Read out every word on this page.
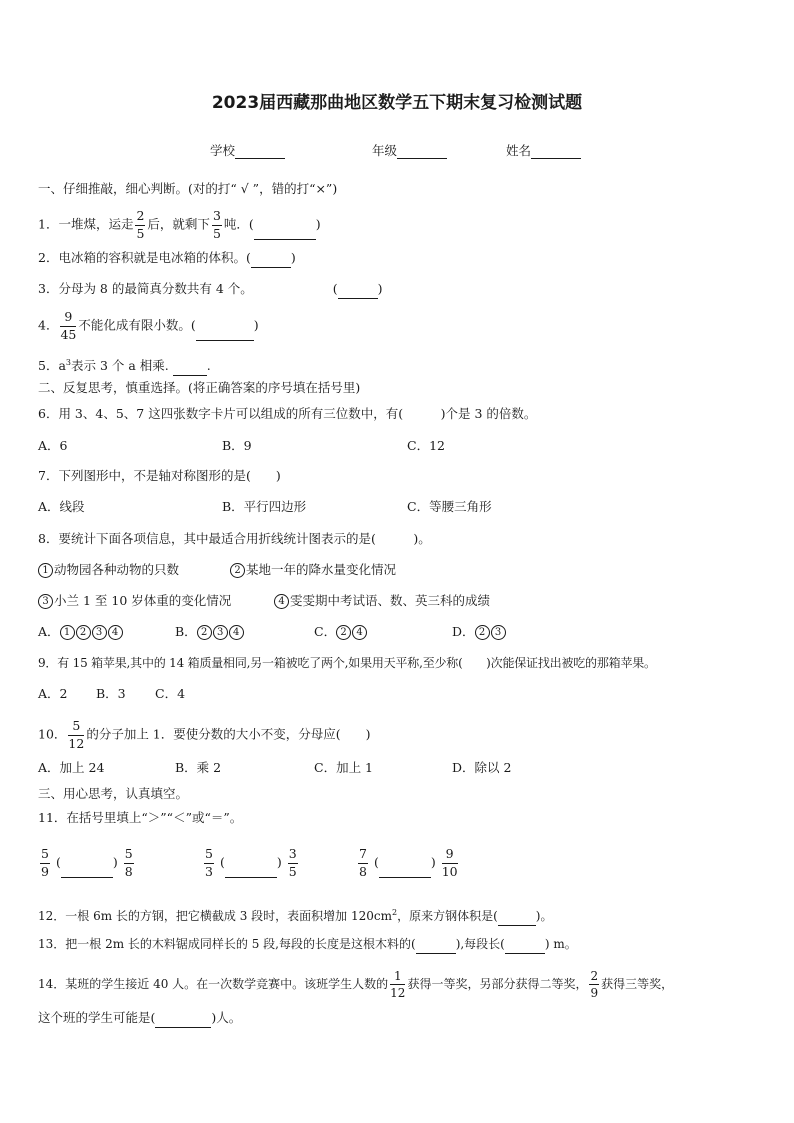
2023届西藏那曲地区数学五下期末复习检测试题
学校	年级	姓名
一、仔细推敲，细心判断。(对的打“ √ ”，错的打“×”)
1．一堆煤，运走 $\frac{2}{5}$ 后，就剩下 $\frac{3}{5}$ 吨．(	)
2．电冰箱的容积就是电冰箱的体积。(	)
3．分母为 8 的最简真分数共有 4 个。	(	)
4． $\frac{9}{45}$ 不能化成有限小数。(	)
5．$a^3$表示 3 个 a 相乘.	.
二、反复思考，慎重选择。(将正确答案的序号填在括号里)
6．用 3、4、5、7 这四张数字卡片可以组成的所有三位数中，有(　　　)个是 3 的倍数。
A．6	B．9	C．12
7．下列图形中，不是轴对称图形的是(　　)
A．线段	B．平行四边形	C．等腰三角形
8．要统计下面各项信息，其中最适合用折线统计图表示的是(　　　)。
1 动物园各种动物的只数	2 某地一年的降水量变化情况
3 小兰 1 至 10 岁体重的变化情况	4 雯雯期中考试语、数、英三科的成绩
A． 1 2 3 4	B． 2 3 4	C． 2 4	D． 2 3
9．有 15 箱苹果,其中的 14 箱质量相同,另一箱被吃了两个,如果用天平称,至少称(　　)次能保证找出被吃的那箱苹果。
A．2 B．3 C．4
10． $\frac{5}{12}$ 的分子加上 1．要使分数的大小不变，分母应(　　)
A．加上 24	B．乘 2	C．加上 1	D．除以 2
三、用心思考，认真填空。
11．在括号里填上“＞”“＜”或“＝”。
$\frac{5}{9}$ (	) $\frac{5}{8}$	$\frac{5}{3}$ (	) $\frac{3}{5}$	$\frac{7}{8}$ (	) $\frac{9}{10}$
12．一根 6m 长的方钢，把它横截成 3 段时，表面积增加 $120cm^2$，原来方钢体积是(	)。
13．把一根 2m 长的木料锯成同样长的 5 段,每段的长度是这根木料的(	),每段长(	) m。
14．某班的学生接近 40 人。在一次数学竞赛中。该班学生人数的 $\frac{1}{12}$ 获得一等奖，另部分获得二等奖， $\frac{2}{9}$ 获得三等奖，
这个班的学生可能是(	)人。
